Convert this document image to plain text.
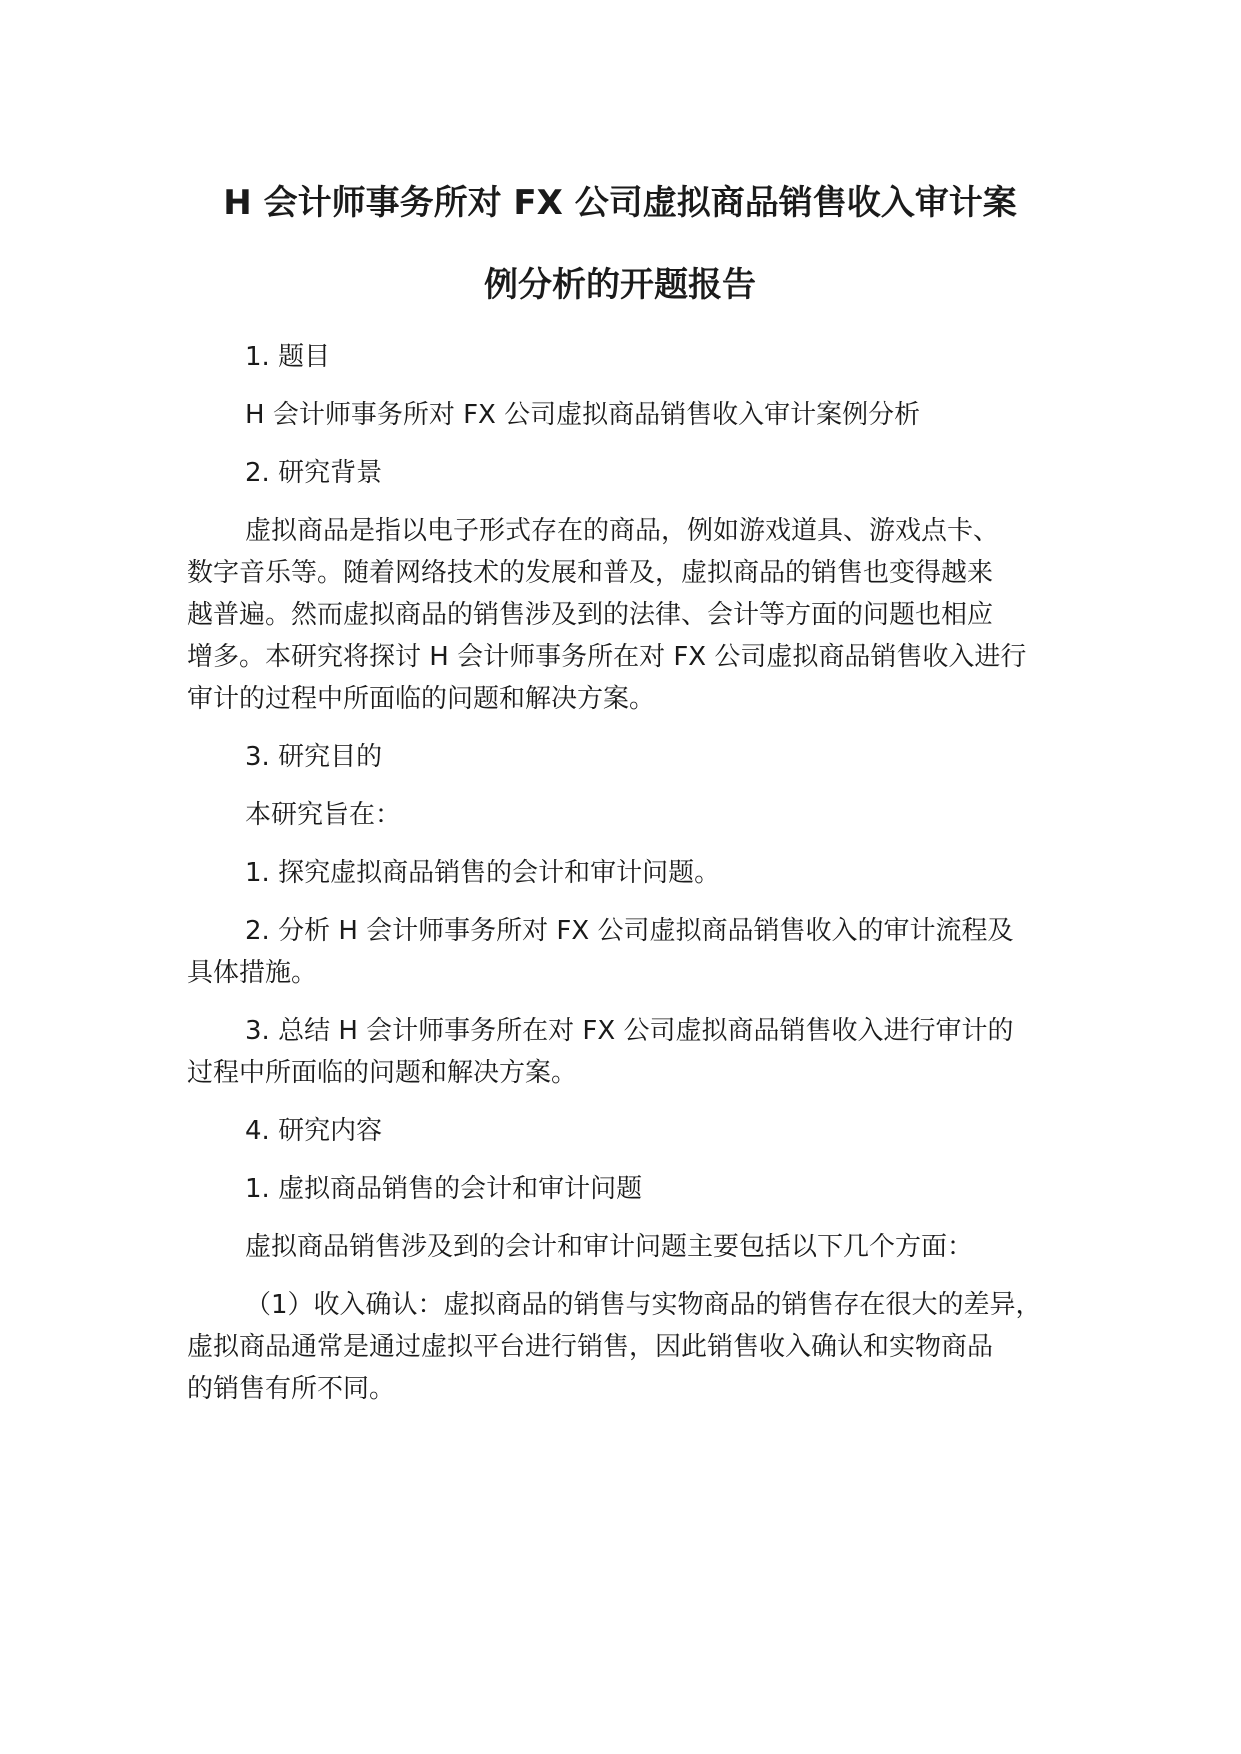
H 会计师事务所对 FX 公司虚拟商品销售收入审计案
例分析的开题报告

1. 题目

H 会计师事务所对 FX 公司虚拟商品销售收入审计案例分析

2. 研究背景

虚拟商品是指以电子形式存在的商品，例如游戏道具、游戏点卡、

数字音乐等。随着网络技术的发展和普及，虚拟商品的销售也变得越来

越普遍。然而虚拟商品的销售涉及到的法律、会计等方面的问题也相应

增多。本研究将探讨 H 会计师事务所在对 FX 公司虚拟商品销售收入进行

审计的过程中所面临的问题和解决方案。

3. 研究目的

本研究旨在：

1. 探究虚拟商品销售的会计和审计问题。

2. 分析 H 会计师事务所对 FX 公司虚拟商品销售收入的审计流程及

具体措施。

3. 总结 H 会计师事务所在对 FX 公司虚拟商品销售收入进行审计的

过程中所面临的问题和解决方案。

4. 研究内容

1. 虚拟商品销售的会计和审计问题

虚拟商品销售涉及到的会计和审计问题主要包括以下几个方面：

（1）收入确认：虚拟商品的销售与实物商品的销售存在很大的差异，

虚拟商品通常是通过虚拟平台进行销售，因此销售收入确认和实物商品

的销售有所不同。
